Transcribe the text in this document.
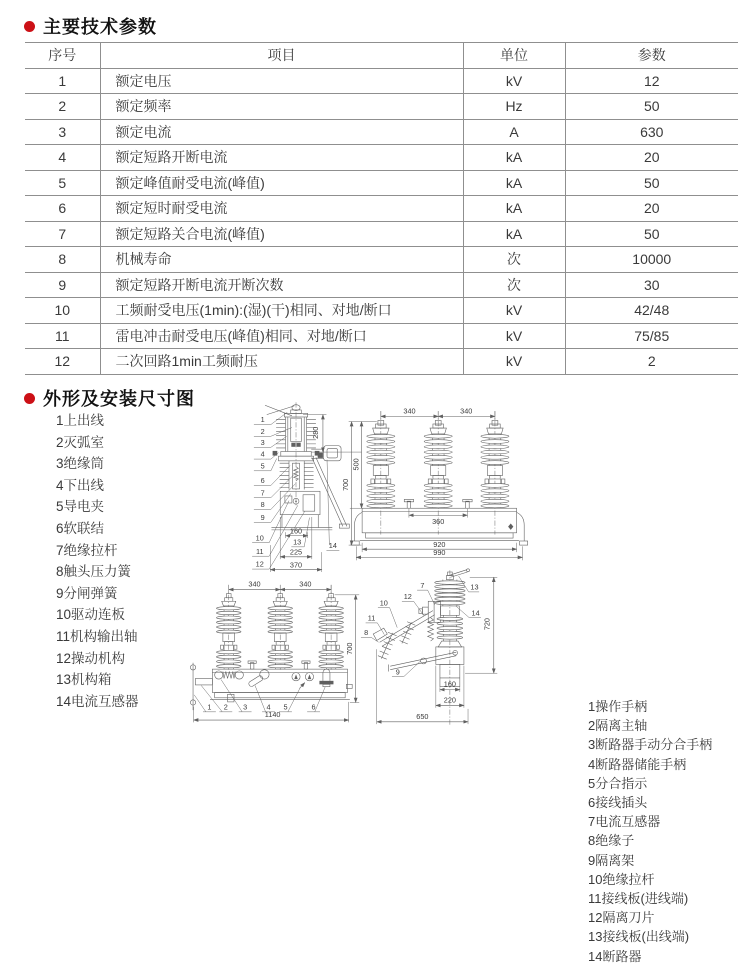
主要技术参数
序号	项目	单位	参数
1	额定电压	kV	12
2	额定频率	Hz	50
3	额定电流	A	630
4	额定短路开断电流	kA	20
5	额定峰值耐受电流(峰值)	kA	50
6	额定短时耐受电流	kA	20
7	额定短路关合电流(峰值)	kA	50
8	机械寿命	次	10000
9	额定短路开断电流开断次数	次	30
10	工频耐受电压(1min):(湿)(干)相同、对地/断口	kV	42/48
11	雷电冲击耐受电压(峰值)相同、对地/断口	kV	75/85
12	二次回路1min工频耐压	kV	2
外形及安装尺寸图
1上出线
2灭弧室
3绝缘筒
4下出线
5导电夹
6软联结
7绝缘拉杆
8触头压力簧
9分闸弹簧
10驱动连板
11机构输出轴
12操动机构
13机构箱
14电流互感器	1操作手柄
2隔离主轴
3断路器手动分合手柄
4断路器储能手柄
5分合指示
6接线插头
7电流互感器
8绝缘子
9隔离架
10绝缘拉杆
11接线板(进线端)
12隔离刀片
13接线板(出线端)
14断路器
1
2
3
4
5
6
7
8
9
10
11
12
13 14
280
160
225
370
340	340
700
500
360
920
990
340	340
700
1 2 3 4 5 6
1140
7
12
10
13
14
9
11
8
720
160
220
650
